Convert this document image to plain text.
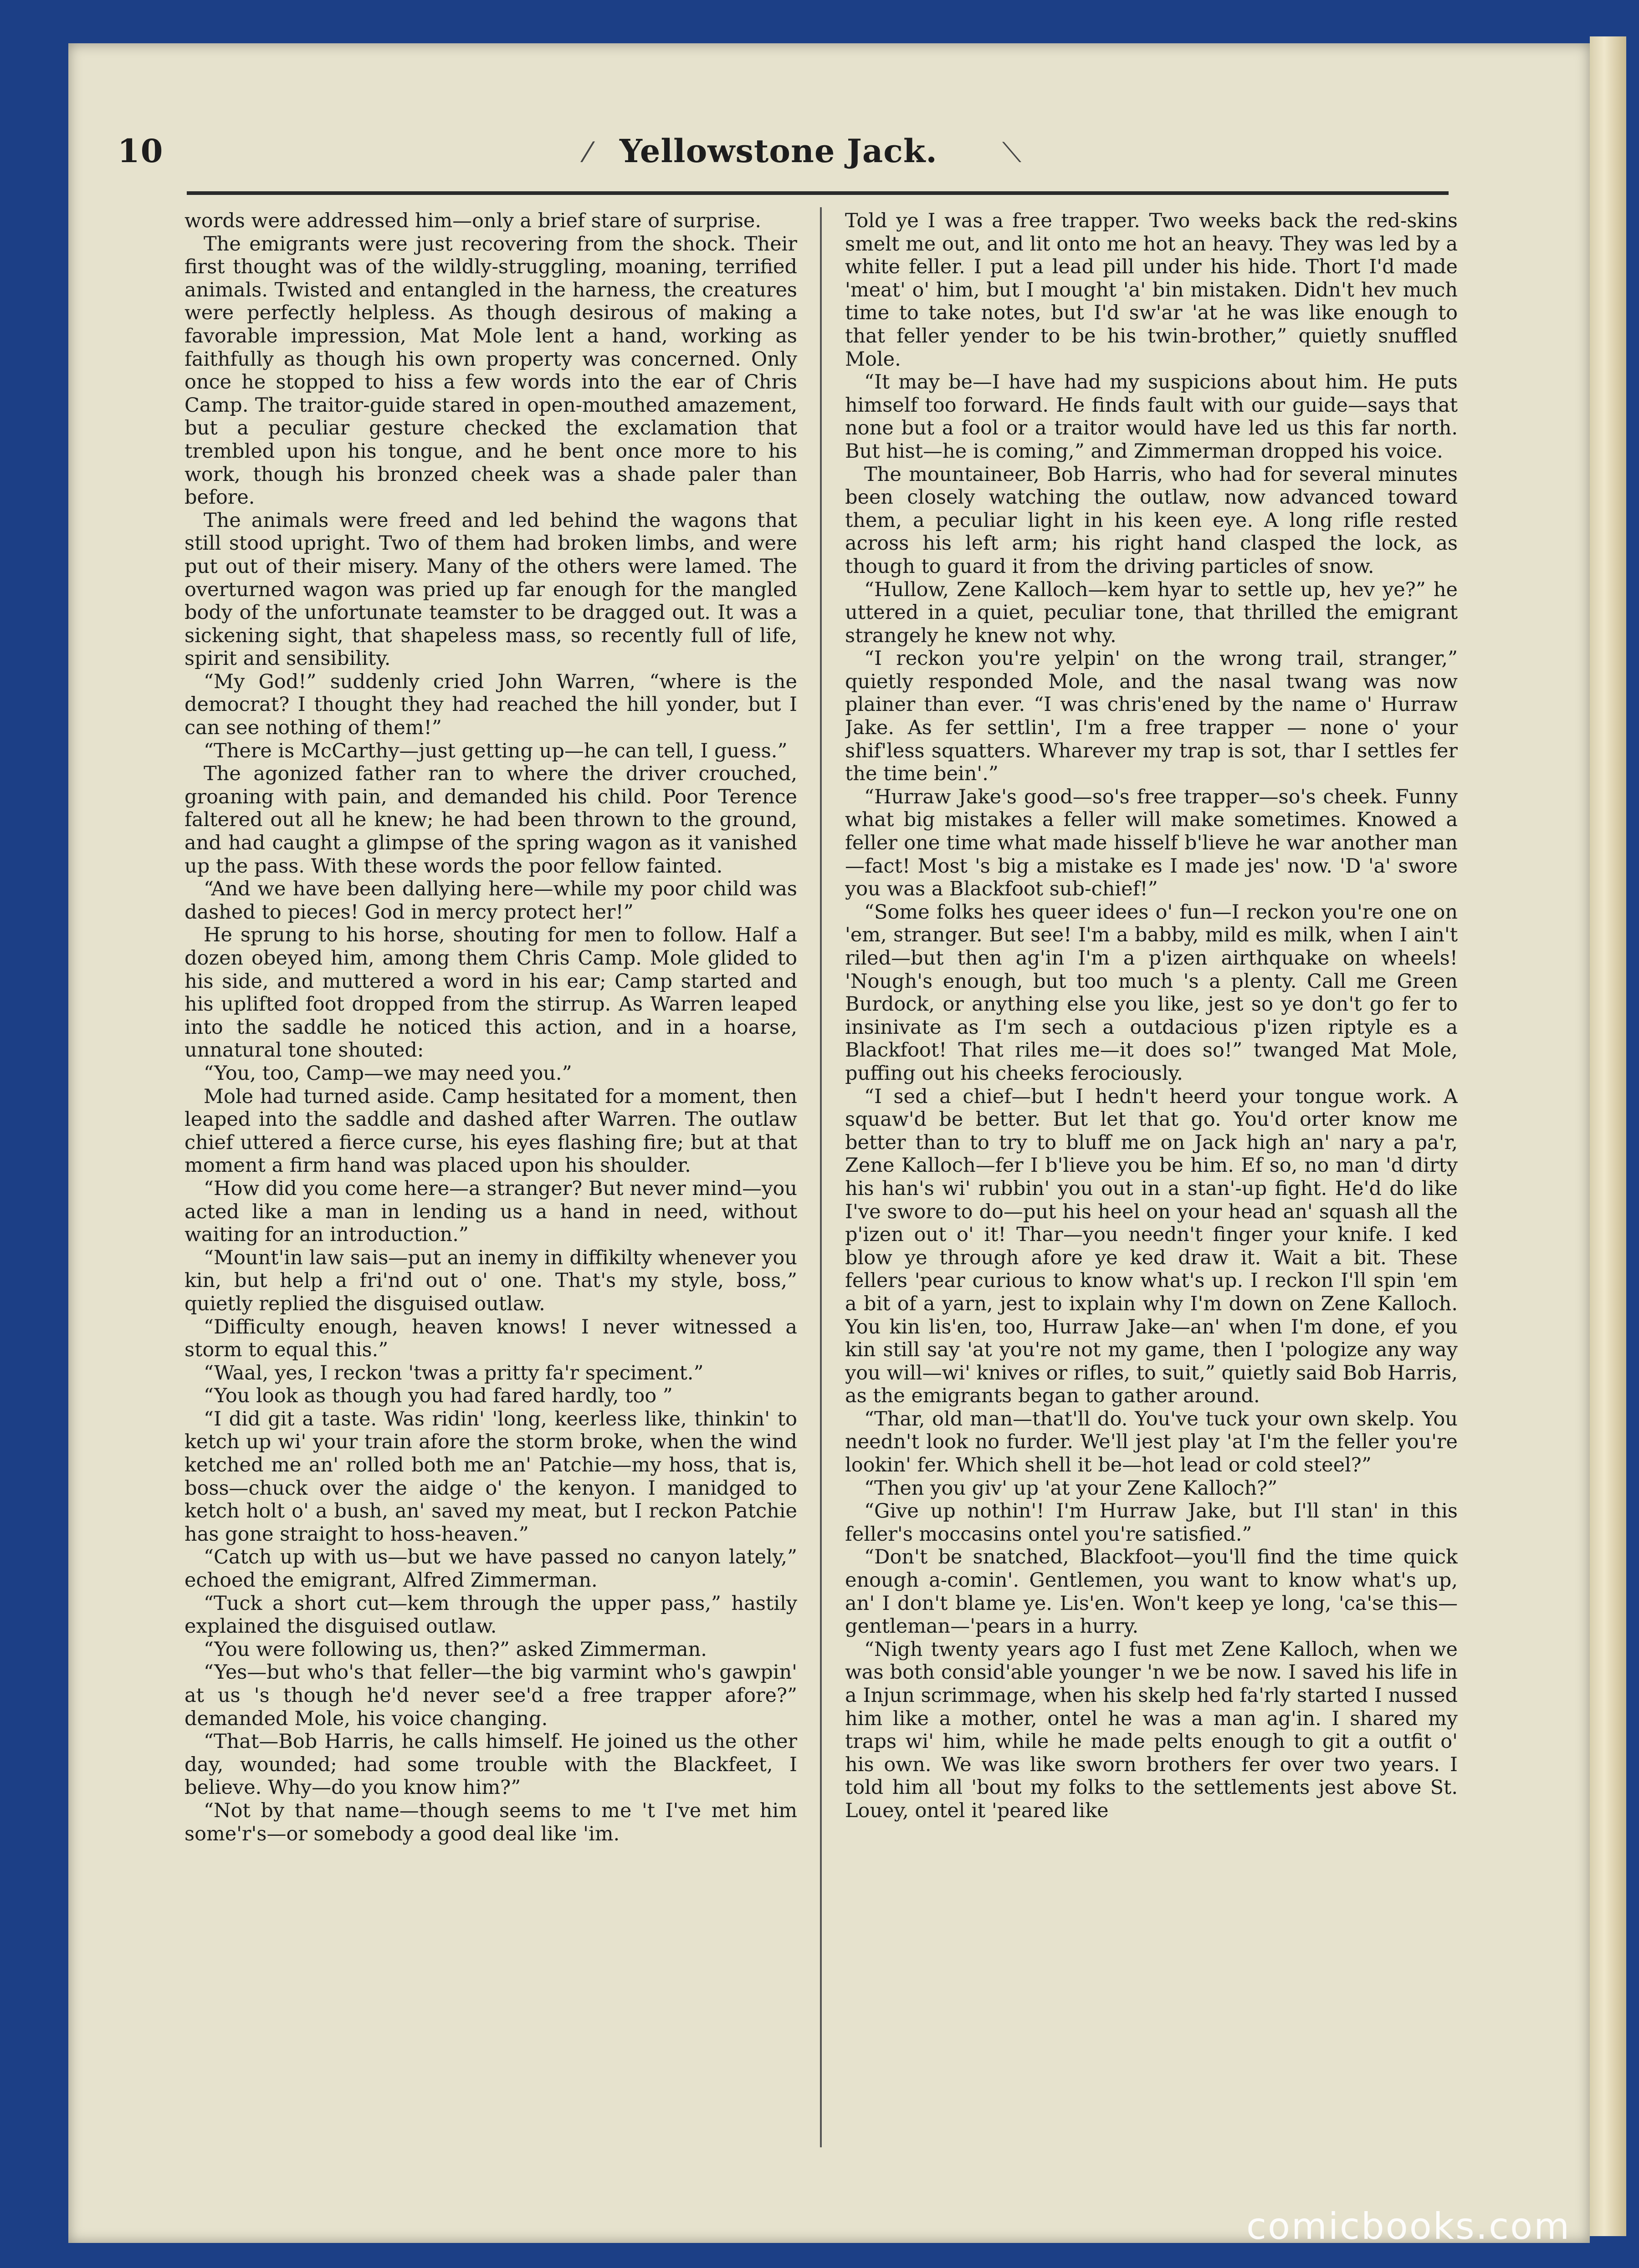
10	⁄ Yellowstone Jack. ⟍

words were addressed him—only a brief stare of surprise.

The emigrants were just recovering from the shock. Their first thought was of the wildly-struggling, moaning, terrified animals. Twisted and entangled in the harness, the creatures were perfectly helpless. As though desirous of making a favorable impression, Mat Mole lent a hand, working as faithfully as though his own property was concerned. Only once he stopped to hiss a few words into the ear of Chris Camp. The traitor-guide stared in open-mouthed amazement, but a peculiar gesture checked the exclamation that trembled upon his tongue, and he bent once more to his work, though his bronzed cheek was a shade paler than before.

The animals were freed and led behind the wagons that still stood upright. Two of them had broken limbs, and were put out of their misery. Many of the others were lamed. The overturned wagon was pried up far enough for the mangled body of the unfortunate teamster to be dragged out. It was a sickening sight, that shapeless mass, so recently full of life, spirit and sensibility.

“My God!” suddenly cried John Warren, “where is the democrat? I thought they had reached the hill yonder, but I can see nothing of them!”

“There is McCarthy—just getting up—he can tell, I guess.”

The agonized father ran to where the driver crouched, groaning with pain, and demanded his child. Poor Terence faltered out all he knew; he had been thrown to the ground, and had caught a glimpse of the spring wagon as it vanished up the pass. With these words the poor fellow fainted.

“And we have been dallying here—while my poor child was dashed to pieces! God in mercy protect her!”

He sprung to his horse, shouting for men to follow. Half a dozen obeyed him, among them Chris Camp. Mole glided to his side, and muttered a word in his ear; Camp started and his uplifted foot dropped from the stirrup. As Warren leaped into the saddle he noticed this action, and in a hoarse, unnatural tone shouted:

“You, too, Camp—we may need you.”

Mole had turned aside. Camp hesitated for a moment, then leaped into the saddle and dashed after Warren. The outlaw chief uttered a fierce curse, his eyes flashing fire; but at that moment a firm hand was placed upon his shoulder.

“How did you come here—a stranger? But never mind—you acted like a man in lending us a hand in need, without waiting for an introduction.”

“Mount'in law sais—put an inemy in diffikilty whenever you kin, but help a fri'nd out o' one. That's my style, boss,” quietly replied the disguised outlaw.

“Difficulty enough, heaven knows! I never witnessed a storm to equal this.”

“Waal, yes, I reckon 'twas a pritty fa'r speciment.”

“You look as though you had fared hardly, too ”

“I did git a taste. Was ridin' 'long, keerless like, thinkin' to ketch up wi' your train afore the storm broke, when the wind ketched me an' rolled both me an' Patchie—my hoss, that is, boss—chuck over the aidge o' the kenyon. I manidged to ketch holt o' a bush, an' saved my meat, but I reckon Patchie has gone straight to hoss-heaven.”

“Catch up with us—but we have passed no canyon lately,” echoed the emigrant, Alfred Zimmerman.

“Tuck a short cut—kem through the upper pass,” hastily explained the disguised outlaw.

“You were following us, then?” asked Zimmerman.

“Yes—but who's that feller—the big varmint who's gawpin' at us 's though he'd never see'd a free trapper afore?” demanded Mole, his voice changing.

“That—Bob Harris, he calls himself. He joined us the other day, wounded; had some trouble with the Blackfeet, I believe. Why—do you know him?”

“Not by that name—though seems to me 't I've met him some'r's—or somebody a good deal like 'im.

Told ye I was a free trapper. Two weeks back the red-skins smelt me out, and lit onto me hot an heavy. They was led by a white feller. I put a lead pill under his hide. Thort I'd made 'meat' o' him, but I mought 'a' bin mistaken. Didn't hev much time to take notes, but I'd sw'ar 'at he was like enough to that feller yender to be his twin-brother,” quietly snuffled Mole.

“It may be—I have had my suspicions about him. He puts himself too forward. He finds fault with our guide—says that none but a fool or a traitor would have led us this far north. But hist—he is coming,” and Zimmerman dropped his voice.

The mountaineer, Bob Harris, who had for several minutes been closely watching the outlaw, now advanced toward them, a peculiar light in his keen eye. A long rifle rested across his left arm; his right hand clasped the lock, as though to guard it from the driving particles of snow.

“Hullow, Zene Kalloch—kem hyar to settle up, hev ye?” he uttered in a quiet, peculiar tone, that thrilled the emigrant strangely he knew not why.

“I reckon you're yelpin' on the wrong trail, stranger,” quietly responded Mole, and the nasal twang was now plainer than ever. “I was chris'ened by the name o' Hurraw Jake. As fer settlin', I'm a free trapper — none o' your shif'less squatters. Wharever my trap is sot, thar I settles fer the time bein'.”

“Hurraw Jake's good—so's free trapper—so's cheek. Funny what big mistakes a feller will make sometimes. Knowed a feller one time what made hisself b'lieve he war another man—fact! Most 's big a mistake es I made jes' now. 'D 'a' swore you was a Blackfoot sub-chief!”

“Some folks hes queer idees o' fun—I reckon you're one on 'em, stranger. But see! I'm a babby, mild es milk, when I ain't riled—but then ag'in I'm a p'izen airthquake on wheels! 'Nough's enough, but too much 's a plenty. Call me Green Burdock, or anything else you like, jest so ye don't go fer to insinivate as I'm sech a outdacious p'izen riptyle es a Blackfoot! That riles me—it does so!” twanged Mat Mole, puffing out his cheeks ferociously.

“I sed a chief—but I hedn't heerd your tongue work. A squaw'd be better. But let that go. You'd orter know me better than to try to bluff me on Jack high an' nary a pa'r, Zene Kalloch—fer I b'lieve you be him. Ef so, no man 'd dirty his han's wi' rubbin' you out in a stan'-up fight. He'd do like I've swore to do—put his heel on your head an' squash all the p'izen out o' it! Thar—you needn't finger your knife. I ked blow ye through afore ye ked draw it. Wait a bit. These fellers 'pear curious to know what's up. I reckon I'll spin 'em a bit of a yarn, jest to ixplain why I'm down on Zene Kalloch. You kin lis'en, too, Hurraw Jake—an' when I'm done, ef you kin still say 'at you're not my game, then I 'pologize any way you will—wi' knives or rifles, to suit,” quietly said Bob Harris, as the emigrants began to gather around.

“Thar, old man—that'll do. You've tuck your own skelp. You needn't look no furder. We'll jest play 'at I'm the feller you're lookin' fer. Which shell it be—hot lead or cold steel?”

“Then you giv' up 'at your Zene Kalloch?”

“Give up nothin'! I'm Hurraw Jake, but I'll stan' in this feller's moccasins ontel you're satisfied.”

“Don't be snatched, Blackfoot—you'll find the time quick enough a-comin'. Gentlemen, you want to know what's up, an' I don't blame ye. Lis'en. Won't keep ye long, 'ca'se this—gentleman—'pears in a hurry.

“Nigh twenty years ago I fust met Zene Kalloch, when we was both consid'able younger 'n we be now. I saved his life in a Injun scrimmage, when his skelp hed fa'rly started I nussed him like a mother, ontel he was a man ag'in. I shared my traps wi' him, while he made pelts enough to git a outfit o' his own. We was like sworn brothers fer over two years. I told him all 'bout my folks to the settlements jest above St. Louey, ontel it 'peared like

comicbooks.com
